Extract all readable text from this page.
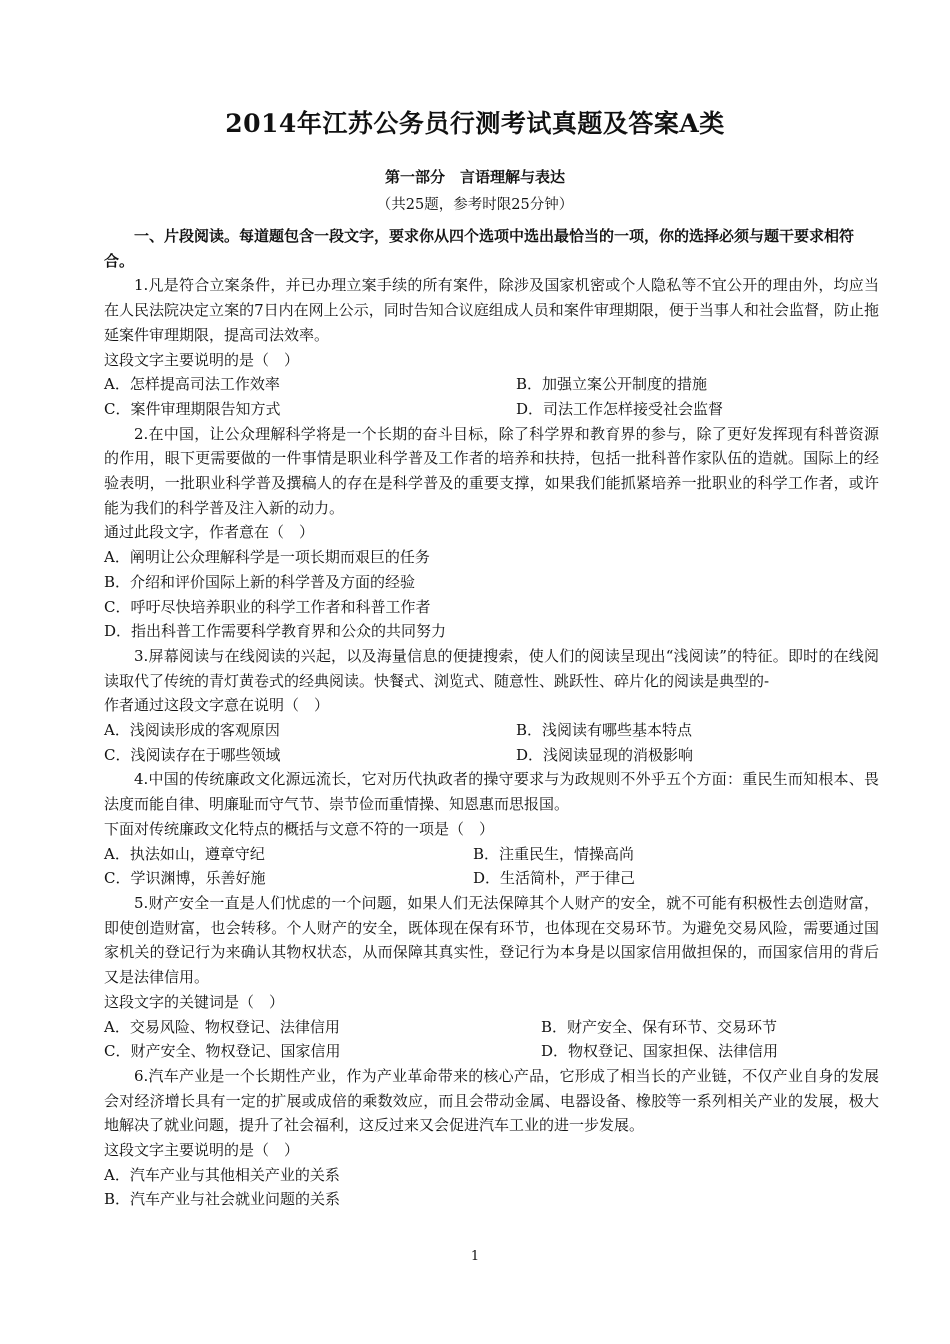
2014年江苏公务员行测考试真题及答案A类
第一部分　言语理解与表达
（共25题，参考时限25分钟）

一、片段阅读。每道题包含一段文字，要求你从四个选项中选出最恰当的一项，你的选择必须与题干要求相符合。

1.凡是符合立案条件，并已办理立案手续的所有案件，除涉及国家机密或个人隐私等不宜公开的理由外，均应当在人民法院决定立案的7日内在网上公示，同时告知合议庭组成人员和案件审理期限，便于当事人和社会监督，防止拖延案件审理期限，提高司法效率。

这段文字主要说明的是（　）

A．怎样提高司法工作效率	B．加强立案公开制度的措施

C．案件审理期限告知方式	D．司法工作怎样接受社会监督

2.在中国，让公众理解科学将是一个长期的奋斗目标，除了科学界和教育界的参与，除了更好发挥现有科普资源的作用，眼下更需要做的一件事情是职业科学普及工作者的培养和扶持，包括一批科普作家队伍的造就。国际上的经验表明，一批职业科学普及撰稿人的存在是科学普及的重要支撑，如果我们能抓紧培养一批职业的科学工作者，或许能为我们的科学普及注入新的动力。

通过此段文字，作者意在（　）

A．阐明让公众理解科学是一项长期而艰巨的任务

B．介绍和评价国际上新的科学普及方面的经验

C．呼吁尽快培养职业的科学工作者和科普工作者

D．指出科普工作需要科学教育界和公众的共同努力

3.屏幕阅读与在线阅读的兴起，以及海量信息的便捷搜索，使人们的阅读呈现出“浅阅读”的特征。即时的在线阅读取代了传统的青灯黄卷式的经典阅读。快餐式、浏览式、随意性、跳跃性、碎片化的阅读是典型的-

作者通过这段文字意在说明（　）

A．浅阅读形成的客观原因	B．浅阅读有哪些基本特点

C．浅阅读存在于哪些领域	D．浅阅读显现的消极影响

4.中国的传统廉政文化源远流长，它对历代执政者的操守要求与为政规则不外乎五个方面：重民生而知根本、畏法度而能自律、明廉耻而守气节、崇节俭而重情操、知恩惠而思报国。

下面对传统廉政文化特点的概括与文意不符的一项是（　）

A．执法如山，遵章守纪	B．注重民生，情操高尚

C．学识渊博，乐善好施	D．生活简朴，严于律己

5.财产安全一直是人们忧虑的一个问题，如果人们无法保障其个人财产的安全，就不可能有积极性去创造财富，即使创造财富，也会转移。个人财产的安全，既体现在保有环节，也体现在交易环节。为避免交易风险，需要通过国家机关的登记行为来确认其物权状态，从而保障其真实性，登记行为本身是以国家信用做担保的，而国家信用的背后又是法律信用。

这段文字的关键词是（　）

A．交易风险、物权登记、法律信用	B．财产安全、保有环节、交易环节

C．财产安全、物权登记、国家信用	D．物权登记、国家担保、法律信用

6.汽车产业是一个长期性产业，作为产业革命带来的核心产品，它形成了相当长的产业链，不仅产业自身的发展会对经济增长具有一定的扩展或成倍的乘数效应，而且会带动金属、电器设备、橡胶等一系列相关产业的发展，极大地解决了就业问题，提升了社会福利，这反过来又会促进汽车工业的进一步发展。

这段文字主要说明的是（　）

A．汽车产业与其他相关产业的关系

B．汽车产业与社会就业问题的关系

1
